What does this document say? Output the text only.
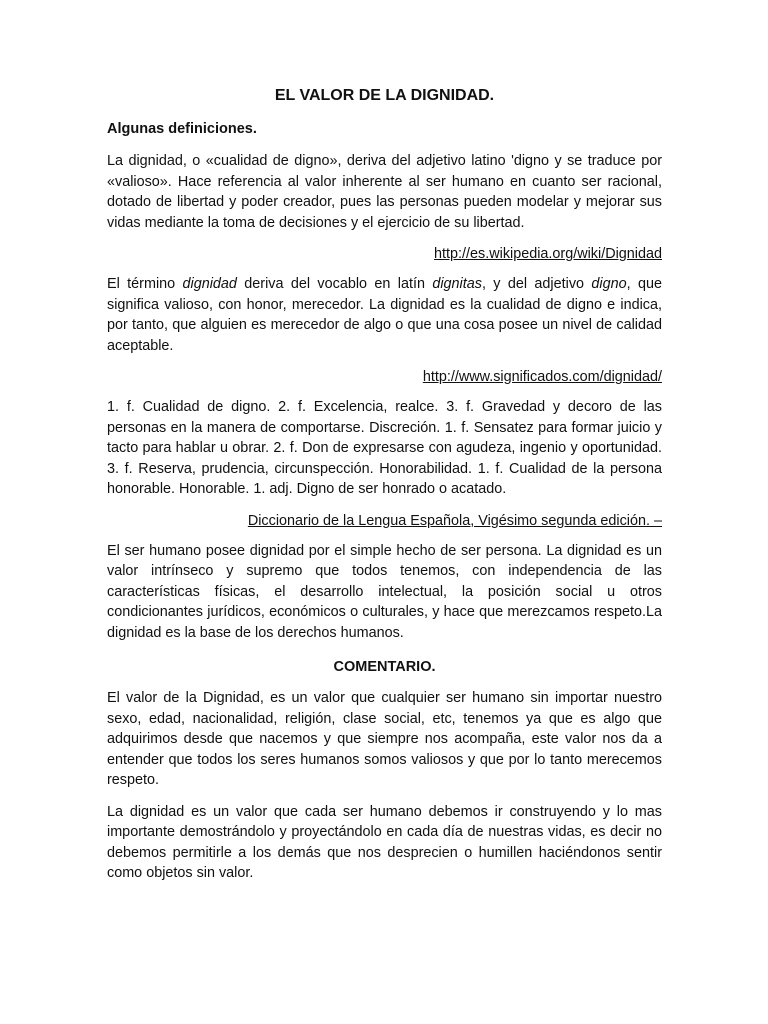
EL VALOR DE LA DIGNIDAD.
Algunas definiciones.

La dignidad, o «cualidad de digno», deriva del adjetivo latino 'digno y se traduce por «valioso». Hace referencia al valor inherente al ser humano en cuanto ser racional, dotado de libertad y poder creador, pues las personas pueden modelar y mejorar sus vidas mediante la toma de decisiones y el ejercicio de su libertad.

http://es.wikipedia.org/wiki/Dignidad

El término dignidad deriva del vocablo en latín dignitas, y del adjetivo digno, que significa valioso, con honor, merecedor. La dignidad es la cualidad de digno e indica, por tanto, que alguien es merecedor de algo o que una cosa posee un nivel de calidad aceptable.

http://www.significados.com/dignidad/

1. f. Cualidad de digno. 2. f. Excelencia, realce. 3. f. Gravedad y decoro de las personas en la manera de comportarse. Discreción. 1. f. Sensatez para formar juicio y tacto para hablar u obrar. 2. f. Don de expresarse con agudeza, ingenio y oportunidad. 3. f. Reserva, prudencia, circunspección. Honorabilidad. 1. f. Cualidad de la persona honorable. Honorable. 1. adj. Digno de ser honrado o acatado.

Diccionario de la Lengua Española, Vigésimo segunda edición. –

El ser humano posee dignidad por el simple hecho de ser persona. La dignidad es un valor intrínseco y supremo que todos tenemos, con independencia de las características físicas, el desarrollo intelectual, la posición social u otros condicionantes jurídicos, económicos o culturales, y hace que merezcamos respeto.La dignidad es la base de los derechos humanos.

COMENTARIO.

El valor de la Dignidad, es un valor que cualquier ser humano sin importar nuestro sexo, edad, nacionalidad, religión, clase social, etc, tenemos ya que es algo que adquirimos desde que nacemos y que siempre nos acompaña, este valor nos da a entender que todos los seres humanos somos valiosos y que por lo tanto merecemos respeto.

La dignidad es un valor que cada ser humano debemos ir construyendo y lo mas importante demostrándolo y proyectándolo en cada día de nuestras vidas, es decir no debemos permitirle a los demás que nos desprecien o humillen haciéndonos sentir como objetos sin valor.
